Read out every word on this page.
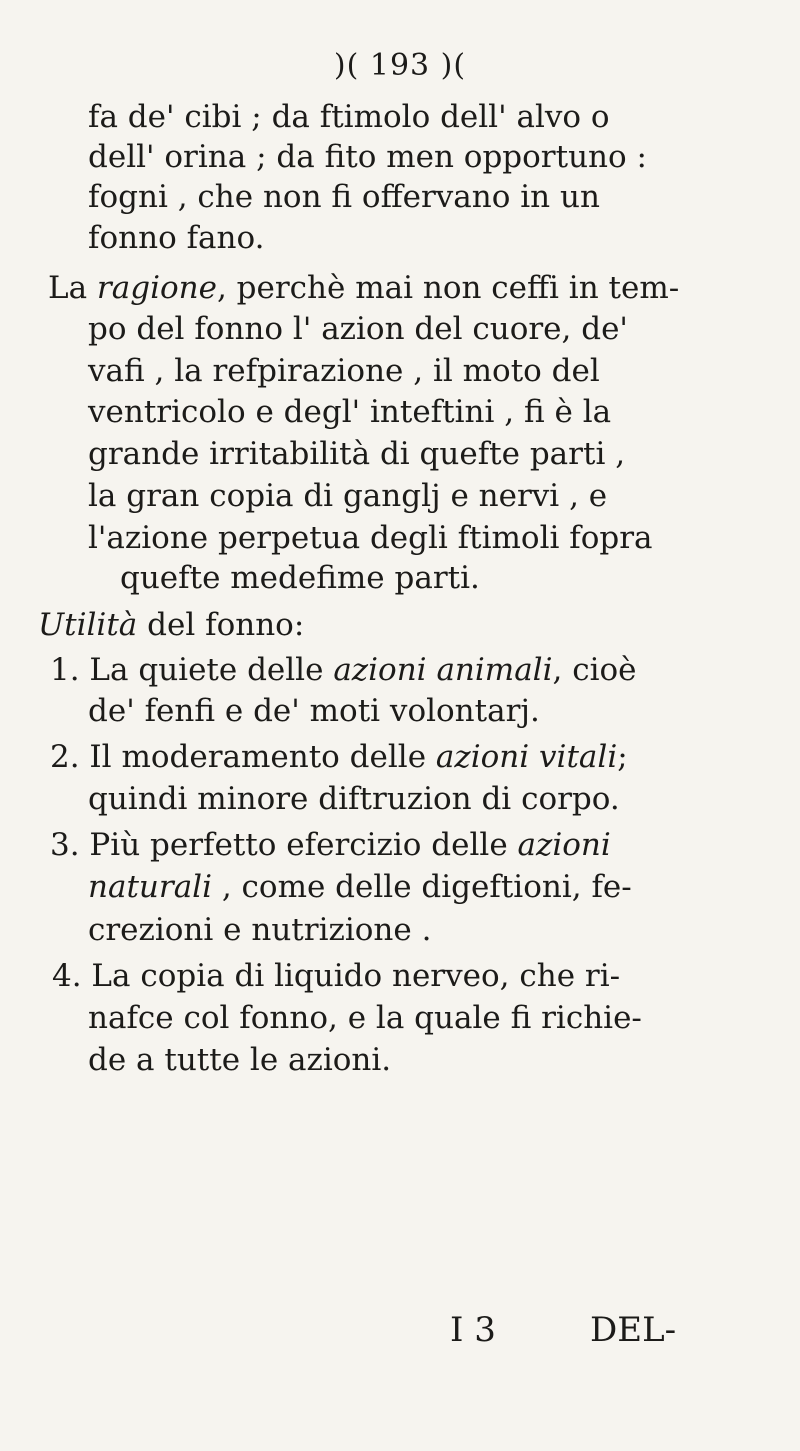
)( 193 )(
fa de' cibi ; da ftimolo dell' alvo o
dell' orina ; da fito men opportuno :
fogni , che non fi offervano in un
fonno fano.
La ragione, perchè mai non ceffi in tem-
po del fonno l' azion del cuore, de'
vafi , la refpirazione , il moto del
ventricolo e degl' inteftini , fi è la
grande irritabilità di quefte parti ,
la gran copia di ganglj e nervi , e
l'azione perpetua degli ftimoli fopra
quefte medefime parti.
Utilità del fonno:
1. La quiete delle azioni animali, cioè
de' fenfi e de' moti volontarj.
2. Il moderamento delle azioni vitali;
quindi minore diftruzion di corpo.
3. Più perfetto efercizio delle azioni
naturali , come delle digeftioni, fe-
crezioni e nutrizione .
4. La copia di liquido nerveo, che ri-
nafce col fonno, e la quale fi richie-
de a tutte le azioni.
I 3	DEL-
